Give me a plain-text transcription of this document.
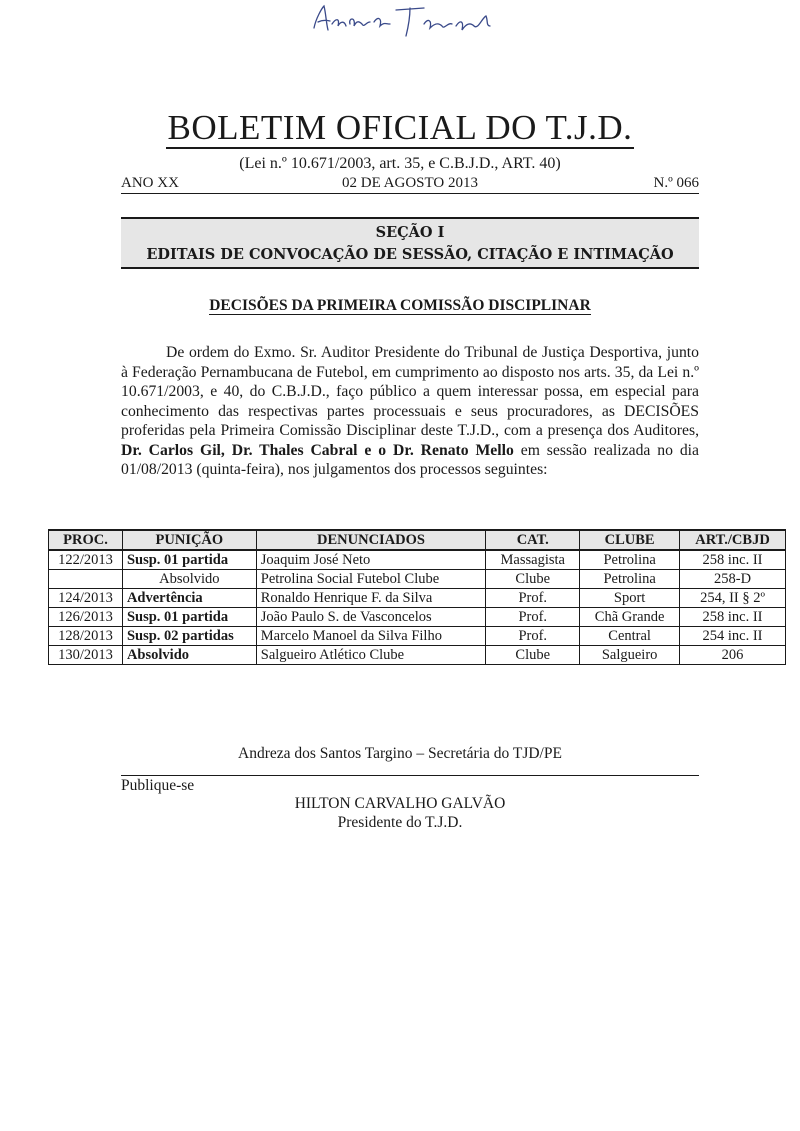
BOLETIM OFICIAL DO T.J.D.
(Lei n.º 10.671/2003, art. 35, e C.B.J.D., ART. 40)
ANO XX	02 DE AGOSTO 2013	N.º 066
SEÇÃO I
EDITAIS DE CONVOCAÇÃO DE SESSÃO, CITAÇÃO E INTIMAÇÃO
DECISÕES DA PRIMEIRA COMISSÃO DISCIPLINAR

De ordem do Exmo. Sr. Auditor Presidente do Tribunal de Justiça Desportiva, junto à Federação Pernambucana de Futebol, em cumprimento ao disposto nos arts. 35, da Lei n.º 10.671/2003, e 40, do C.B.J.D., faço público a quem interessar possa, em especial para conhecimento das respectivas partes processuais e seus procuradores, as DECISÕES proferidas pela Primeira Comissão Disciplinar deste T.J.D., com a presença dos Auditores, Dr. Carlos Gil, Dr. Thales Cabral e o Dr. Renato Mello em sessão realizada no dia 01/08/2013 (quinta-feira), nos julgamentos dos processos seguintes:

PROC.	PUNIÇÃO	DENUNCIADOS	CAT.	CLUBE	ART./CBJD
122/2013	Susp. 01 partida	Joaquim José Neto	Massagista	Petrolina	258 inc. II
	Absolvido	Petrolina Social Futebol Clube	Clube	Petrolina	258-D
124/2013	Advertência	Ronaldo Henrique F. da Silva	Prof.	Sport	254, II § 2º
126/2013	Susp. 01 partida	João Paulo S. de Vasconcelos	Prof.	Chã Grande	258 inc. II
128/2013	Susp. 02 partidas	Marcelo Manoel da Silva Filho	Prof.	Central	254 inc. II
130/2013	Absolvido	Salgueiro Atlético Clube	Clube	Salgueiro	206
Andreza dos Santos Targino – Secretária do TJD/PE
Publique-se
HILTON CARVALHO GALVÃO
Presidente do T.J.D.
